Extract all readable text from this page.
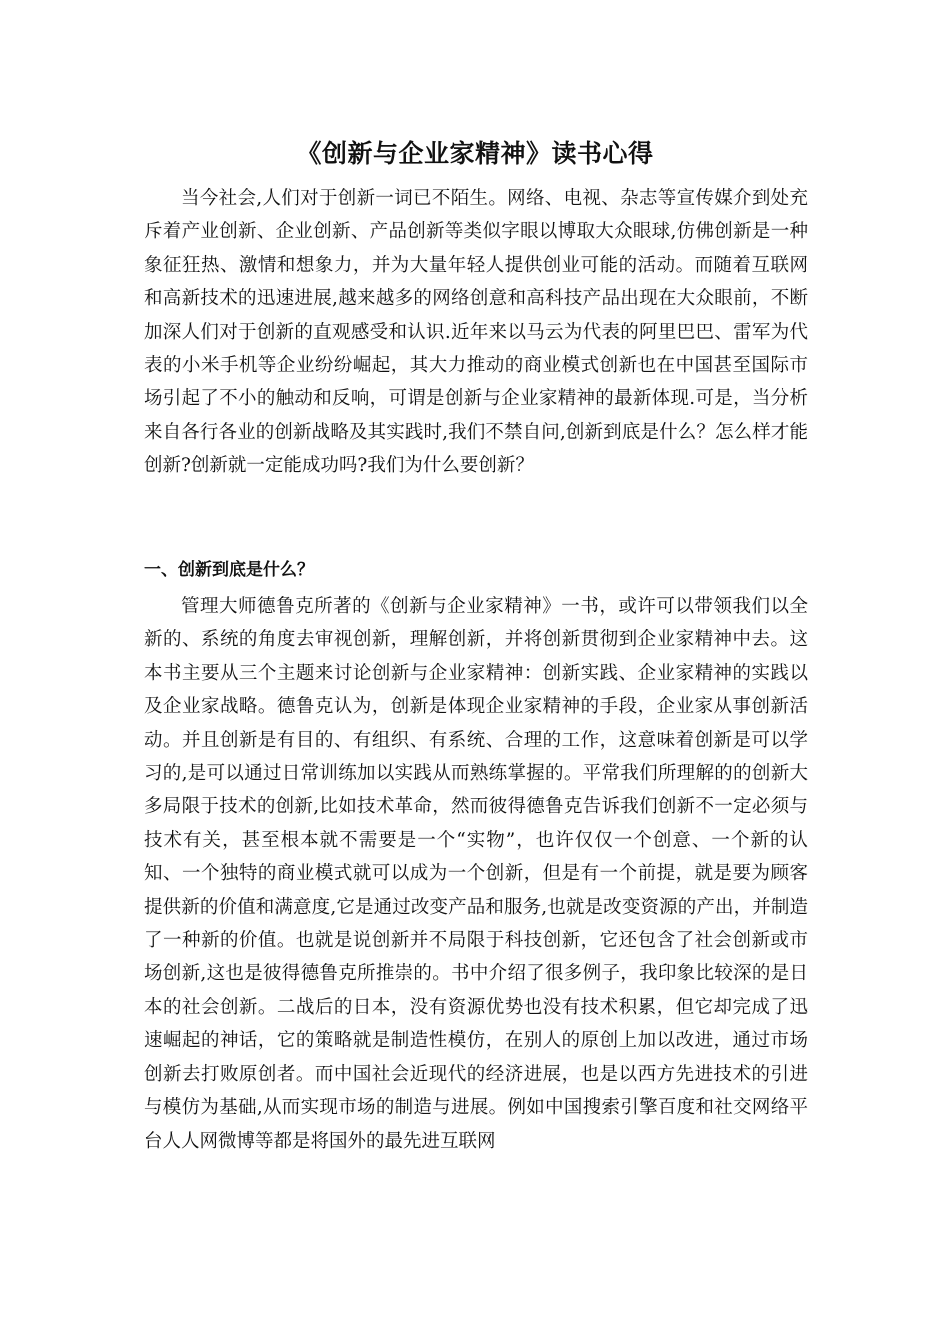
《创新与企业家精神》读书心得

当今社会,人们对于创新一词已不陌生。网络、电视、杂志等宣传媒介到处充斥着产业创新、企业创新、产品创新等类似字眼以博取大众眼球,仿佛创新是一种象征狂热、激情和想象力，并为大量年轻人提供创业可能的活动。而随着互联网和高新技术的迅速进展,越来越多的网络创意和高科技产品出现在大众眼前，不断加深人们对于创新的直观感受和认识.近年来以马云为代表的阿里巴巴、雷军为代表的小米手机等企业纷纷崛起，其大力推动的商业模式创新也在中国甚至国际市场引起了不小的触动和反响，可谓是创新与企业家精神的最新体现.可是，当分析来自各行各业的创新战略及其实践时,我们不禁自问,创新到底是什么？怎么样才能创新?创新就一定能成功吗?我们为什么要创新？

一、创新到底是什么？

管理大师德鲁克所著的《创新与企业家精神》一书，或许可以带领我们以全新的、系统的角度去审视创新，理解创新，并将创新贯彻到企业家精神中去。这本书主要从三个主题来讨论创新与企业家精神：创新实践、企业家精神的实践以及企业家战略。德鲁克认为，创新是体现企业家精神的手段，企业家从事创新活动。并且创新是有目的、有组织、有系统、合理的工作，这意味着创新是可以学习的,是可以通过日常训练加以实践从而熟练掌握的。平常我们所理解的的创新大多局限于技术的创新,比如技术革命，然而彼得德鲁克告诉我们创新不一定必须与技术有关，甚至根本就不需要是一个“实物”，也许仅仅一个创意、一个新的认知、一个独特的商业模式就可以成为一个创新，但是有一个前提，就是要为顾客提供新的价值和满意度,它是通过改变产品和服务,也就是改变资源的产出，并制造了一种新的价值。也就是说创新并不局限于科技创新，它还包含了社会创新或市场创新,这也是彼得德鲁克所推崇的。书中介绍了很多例子，我印象比较深的是日本的社会创新。二战后的日本，没有资源优势也没有技术积累，但它却完成了迅速崛起的神话，它的策略就是制造性模仿，在别人的原创上加以改进，通过市场创新去打败原创者。而中国社会近现代的经济进展，也是以西方先进技术的引进与模仿为基础,从而实现市场的制造与进展。例如中国搜索引擎百度和社交网络平台人人网微博等都是将国外的最先进互联网
